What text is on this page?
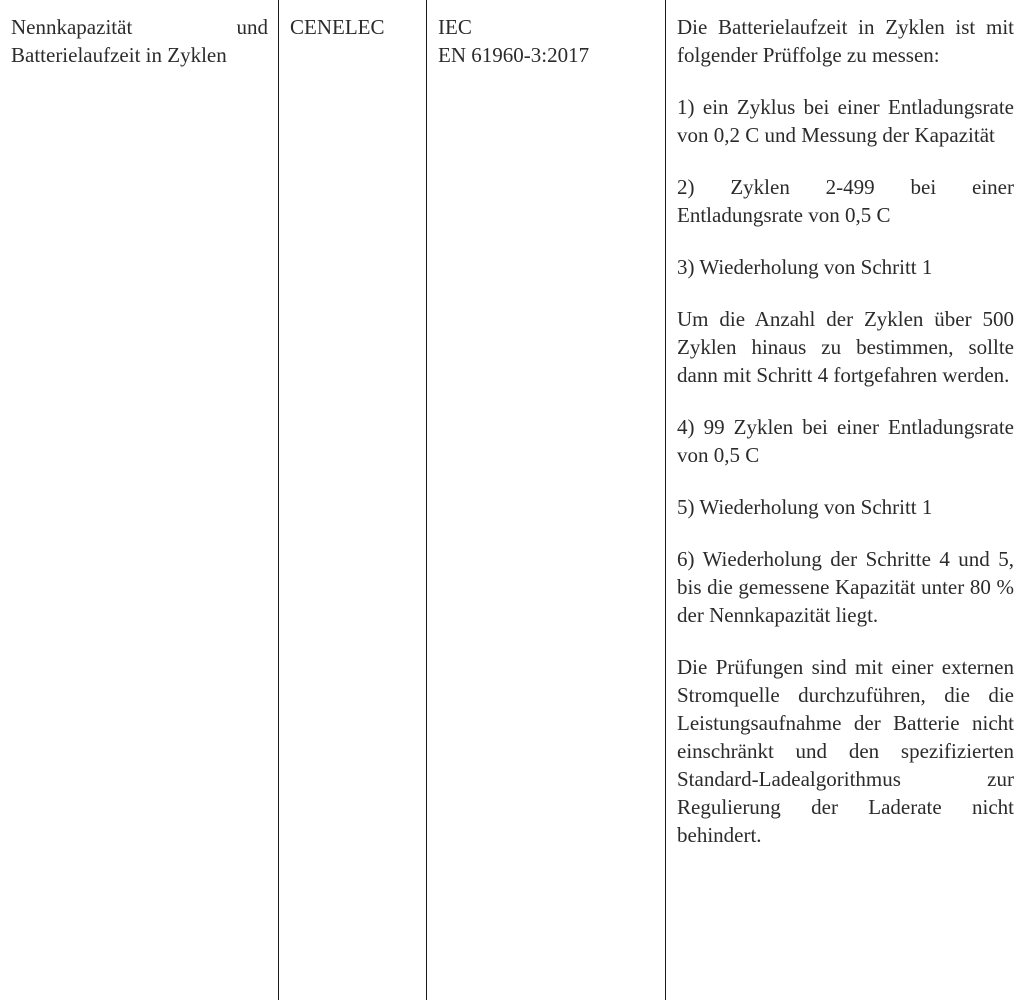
Nennkapazität und Batterielaufzeit in Zyklen

CENELEC	IEC
EN 61960-3:2017

Die Batterielaufzeit in Zyklen ist mit folgender Prüffolge zu messen:

1) ein Zyklus bei einer Entladungsrate von 0,2 C und Messung der Kapazität

2) Zyklen 2-499 bei einer Entladungsrate von 0,5 C

3) Wiederholung von Schritt 1

Um die Anzahl der Zyklen über 500 Zyklen hinaus zu bestimmen, sollte dann mit Schritt 4 fortgefahren werden.

4) 99 Zyklen bei einer Entladungsrate von 0,5 C

5) Wiederholung von Schritt 1

6) Wiederholung der Schritte 4 und 5, bis die gemessene Kapazität unter 80 % der Nennkapazität liegt.

Die Prüfungen sind mit einer externen Stromquelle durchzuführen, die die Leistungsaufnahme der Batterie nicht einschränkt und den spezifizierten Standard-Ladealgorithmus zur Regulierung der Laderate nicht behindert.
